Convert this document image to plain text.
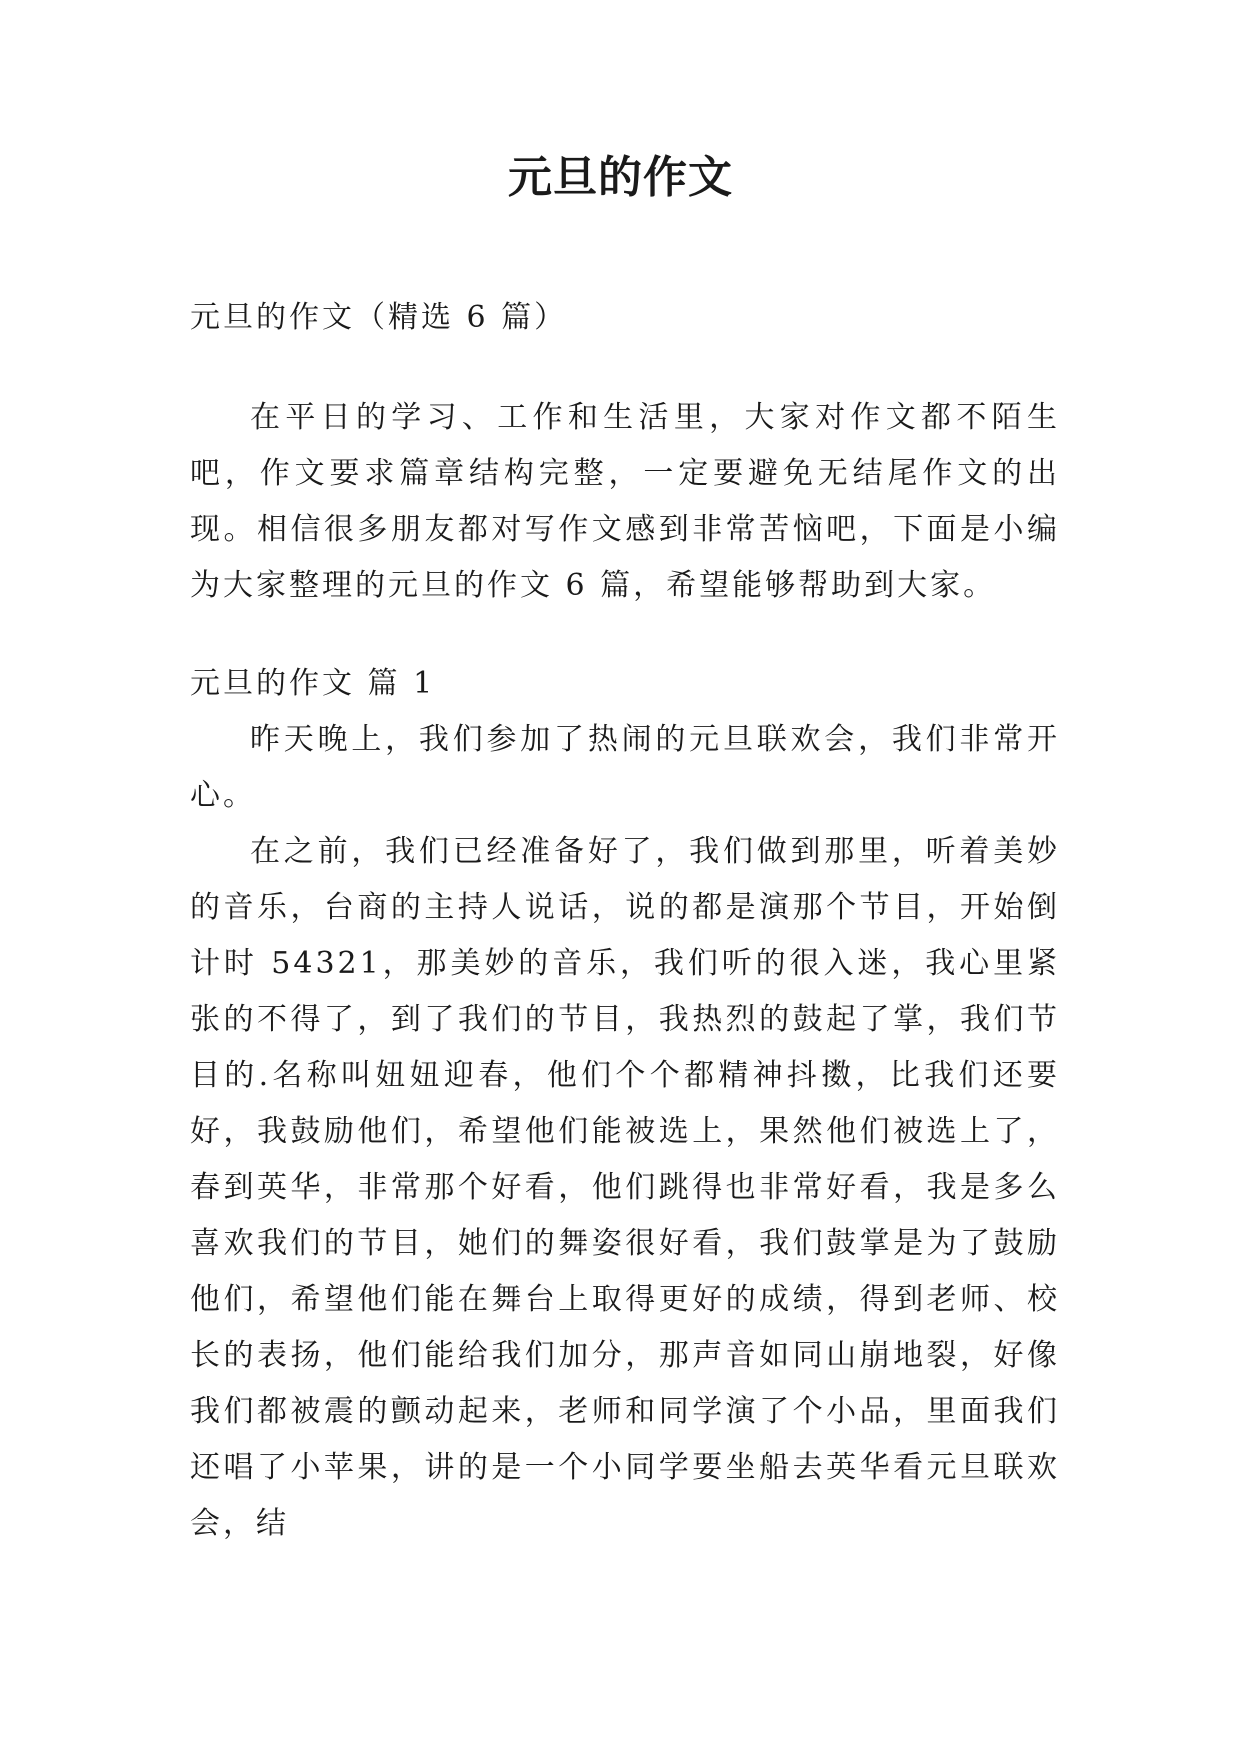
元旦的作文

元旦的作文（精选 6 篇）

在平日的学习、工作和生活里，大家对作文都不陌生吧，作文要求篇章结构完整，一定要避免无结尾作文的出现。相信很多朋友都对写作文感到非常苦恼吧，下面是小编为大家整理的元旦的作文 6 篇，希望能够帮助到大家。

元旦的作文 篇 1

昨天晚上，我们参加了热闹的元旦联欢会，我们非常开心。

在之前，我们已经准备好了，我们做到那里，听着美妙的音乐，台商的主持人说话，说的都是演那个节目，开始倒计时 54321，那美妙的音乐，我们听的很入迷，我心里紧张的不得了，到了我们的节目，我热烈的鼓起了掌，我们节目的.名称叫妞妞迎春，他们个个都精神抖擞，比我们还要好，我鼓励他们，希望他们能被选上，果然他们被选上了，春到英华，非常那个好看，他们跳得也非常好看，我是多么喜欢我们的节目，她们的舞姿很好看，我们鼓掌是为了鼓励他们，希望他们能在舞台上取得更好的成绩，得到老师、校长的表扬，他们能给我们加分，那声音如同山崩地裂，好像我们都被震的颤动起来，老师和同学演了个小品，里面我们还唱了小苹果，讲的是一个小同学要坐船去英华看元旦联欢会，结
